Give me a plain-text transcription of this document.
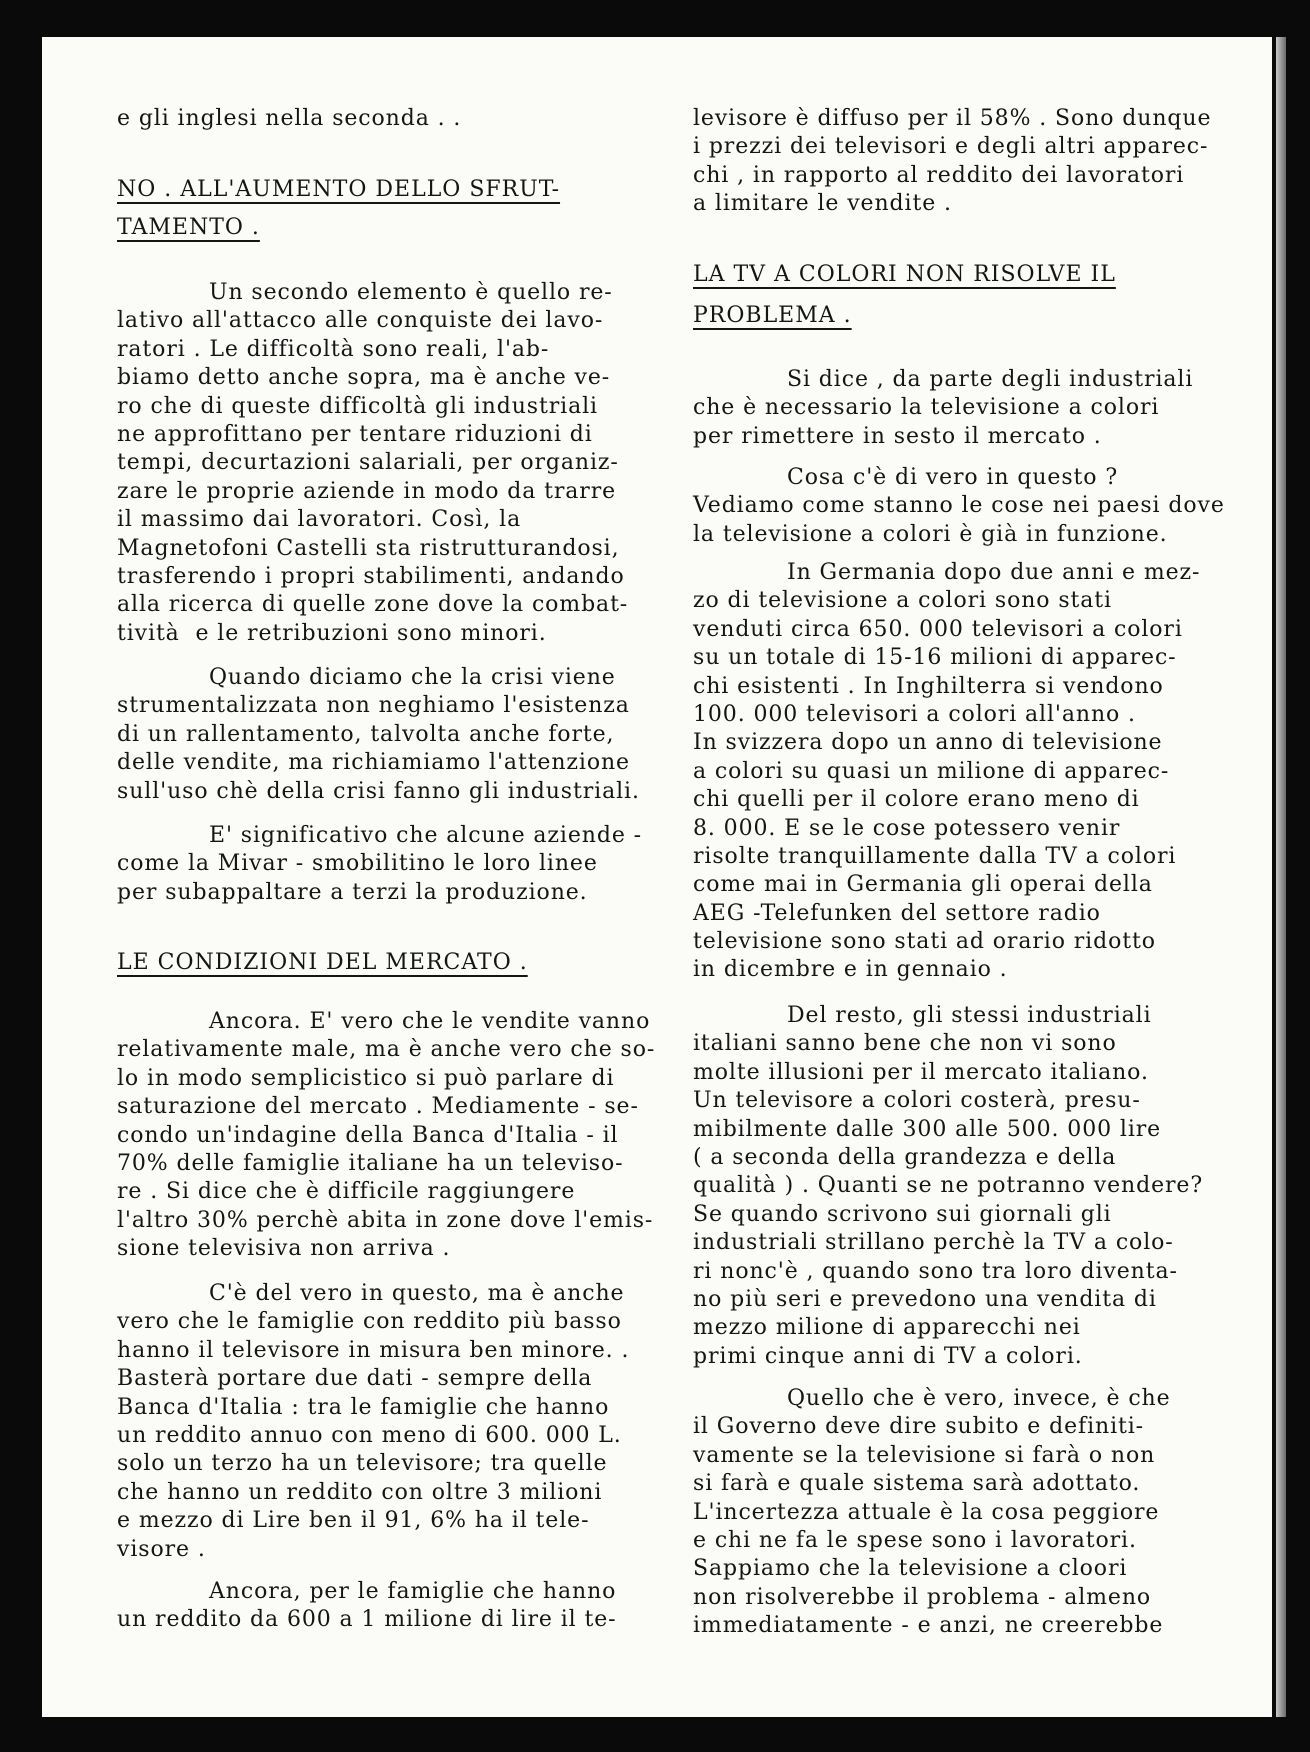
e gli inglesi nella seconda . .
NO . ALL'AUMENTO DELLO SFRUT-
TAMENTO .
Un secondo elemento è quello re-
lativo all'attacco alle conquiste dei lavo-
ratori . Le difficoltà sono reali, l'ab-
biamo detto anche sopra, ma è anche ve-
ro che di queste difficoltà gli industriali
ne approfittano per tentare riduzioni di
tempi, decurtazioni salariali, per organiz-
zare le proprie aziende in modo da trarre
il massimo dai lavoratori. Così, la
Magnetofoni Castelli sta ristrutturandosi,
trasferendo i propri stabilimenti, andando
alla ricerca di quelle zone dove la combat-
tività  e le retribuzioni sono minori.
Quando diciamo che la crisi viene
strumentalizzata non neghiamo l'esistenza
di un rallentamento, talvolta anche forte,
delle vendite, ma richiamiamo l'attenzione
sull'uso chè della crisi fanno gli industriali.
E' significativo che alcune aziende -
come la Mivar - smobilitino le loro linee
per subappaltare a terzi la produzione.
LE CONDIZIONI DEL MERCATO .
Ancora. E' vero che le vendite vanno
relativamente male, ma è anche vero che so-
lo in modo semplicistico si può parlare di
saturazione del mercato . Mediamente - se-
condo un'indagine della Banca d'Italia - il
70% delle famiglie italiane ha un televiso-
re . Si dice che è difficile raggiungere
l'altro 30% perchè abita in zone dove l'emis-
sione televisiva non arriva .
C'è del vero in questo, ma è anche
vero che le famiglie con reddito più basso
hanno il televisore in misura ben minore. .
Basterà portare due dati - sempre della
Banca d'Italia : tra le famiglie che hanno
un reddito annuo con meno di 600. 000 L.
solo un terzo ha un televisore; tra quelle
che hanno un reddito con oltre 3 milioni
e mezzo di Lire ben il 91, 6% ha il tele-
visore .
Ancora, per le famiglie che hanno
un reddito da 600 a 1 milione di lire il te-
levisore è diffuso per il 58% . Sono dunque
i prezzi dei televisori e degli altri apparec-
chi , in rapporto al reddito dei lavoratori
a limitare le vendite .
LA TV A COLORI NON RISOLVE IL
PROBLEMA .
Si dice , da parte degli industriali
che è necessario la televisione a colori
per rimettere in sesto il mercato .
Cosa c'è di vero in questo ?
Vediamo come stanno le cose nei paesi dove
la televisione a colori è già in funzione.
In Germania dopo due anni e mez-
zo di televisione a colori sono stati
venduti circa 650. 000 televisori a colori
su un totale di 15-16 milioni di apparec-
chi esistenti . In Inghilterra si vendono
100. 000 televisori a colori all'anno .
In svizzera dopo un anno di televisione
a colori su quasi un milione di apparec-
chi quelli per il colore erano meno di
8. 000. E se le cose potessero venir
risolte tranquillamente dalla TV a colori
come mai in Germania gli operai della
AEG -Telefunken del settore radio
televisione sono stati ad orario ridotto
in dicembre e in gennaio .
Del resto, gli stessi industriali
italiani sanno bene che non vi sono
molte illusioni per il mercato italiano.
Un televisore a colori costerà, presu-
mibilmente dalle 300 alle 500. 000 lire
( a seconda della grandezza e della
qualità ) . Quanti se ne potranno vendere?
Se quando scrivono sui giornali gli
industriali strillano perchè la TV a colo-
ri nonc'è , quando sono tra loro diventa-
no più seri e prevedono una vendita di
mezzo milione di apparecchi nei
primi cinque anni di TV a colori.
Quello che è vero, invece, è che
il Governo deve dire subito e definiti-
vamente se la televisione si farà o non
si farà e quale sistema sarà adottato.
L'incertezza attuale è la cosa peggiore
e chi ne fa le spese sono i lavoratori.
Sappiamo che la televisione a cloori
non risolverebbe il problema - almeno
immediatamente - e anzi, ne creerebbe
